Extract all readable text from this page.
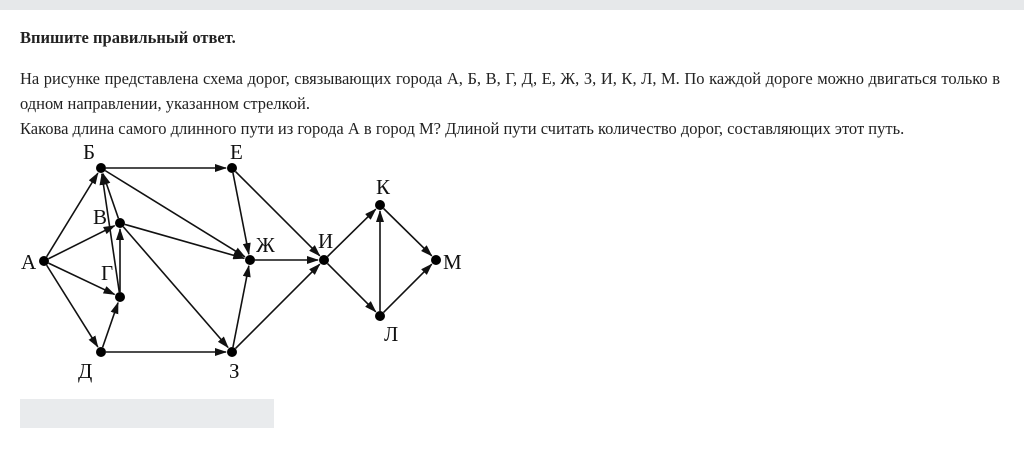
Впишите правильный ответ.

На рисунке представлена схема дорог, связывающих города А, Б, В, Г, Д, Е, Ж, З, И, К, Л, М. По каждой дороге можно двигаться только в одном направлении, указанном стрелкой.

Какова длина самого длинного пути из города А в город М? Длиной пути считать количество дорог, составляющих этот путь.

А
Б
В
Г
Д
Е
Ж
З
И
К
Л
М
